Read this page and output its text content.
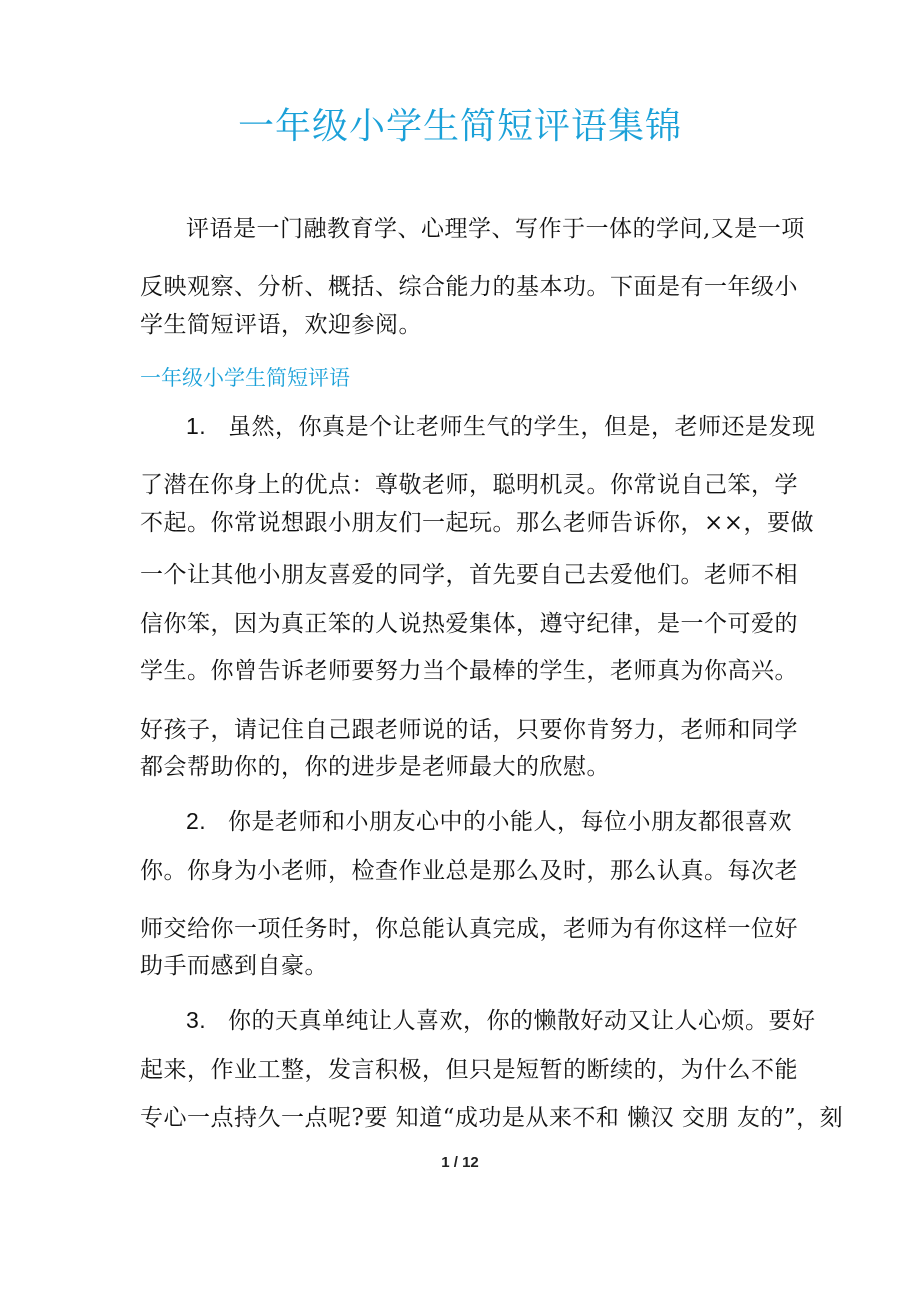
一年级小学生简短评语集锦
评语是一门融教育学、心理学、写作于一体的学问,又是一项
反映观察、分析、概括、综合能力的基本功。下面是有一年级小
学生简短评语，欢迎参阅。
一年级小学生简短评语
1. 虽然，你真是个让老师生气的学生，但是，老师还是发现
了潜在你身上的优点：尊敬老师，聪明机灵。你常说自己笨，学
不起。你常说想跟小朋友们一起玩。那么老师告诉你，××，要做
一个让其他小朋友喜爱的同学，首先要自己去爱他们。老师不相
信你笨，因为真正笨的人说热爱集体，遵守纪律，是一个可爱的
学生。你曾告诉老师要努力当个最棒的学生，老师真为你高兴。
好孩子，请记住自己跟老师说的话，只要你肯努力，老师和同学
都会帮助你的，你的进步是老师最大的欣慰。
2. 你是老师和小朋友心中的小能人，每位小朋友都很喜欢
你。你身为小老师，检查作业总是那么及时，那么认真。每次老
师交给你一项任务时，你总能认真完成，老师为有你这样一位好
助手而感到自豪。
3. 你的天真单纯让人喜欢，你的懒散好动又让人心烦。要好
起来，作业工整，发言积极，但只是短暂的断续的，为什么不能
专心一点持久一点呢?要 知道“成功是从来不和 懒汉 交朋 友的”，刻
1 / 12
